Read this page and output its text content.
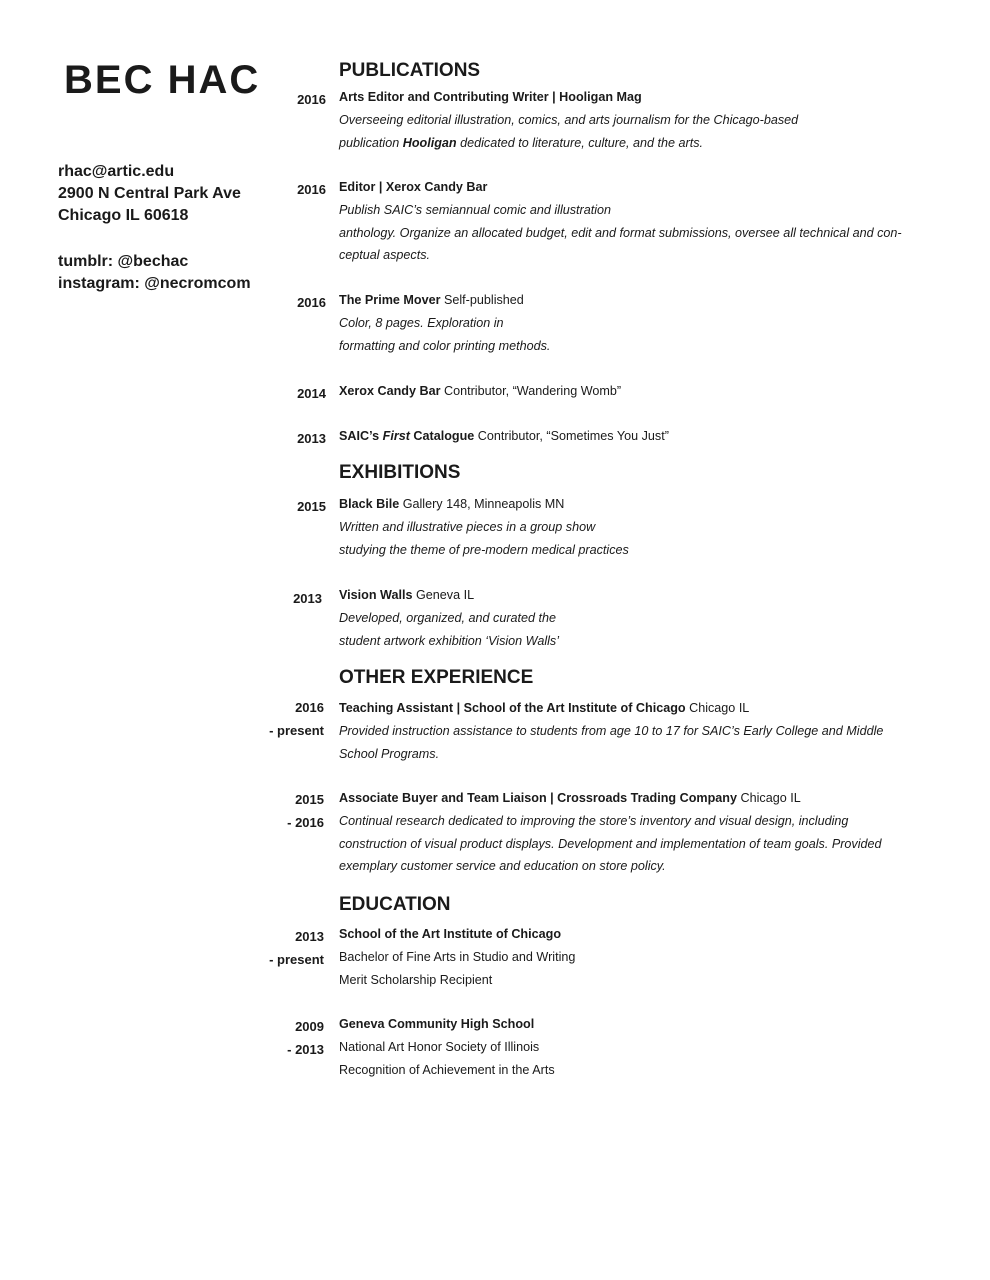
BEC HAC
rhac@artic.edu
2900 N Central Park Ave
Chicago IL 60618
tumblr: @bechac
instagram: @necromcom
PUBLICATIONS
2016 Arts Editor and Contributing Writer | Hooligan Mag
Overseeing editorial illustration, comics, and arts journalism for the Chicago-based
publication Hooligan dedicated to literature, culture, and the arts.
2016 Editor | Xerox Candy Bar
Publish SAIC’s semiannual comic and illustration
anthology. Organize an allocated budget, edit and format submissions, oversee all technical and con-
ceptual aspects.
2016 The Prime Mover Self-published
Color, 8 pages. Exploration in
formatting and color printing methods.
2014 Xerox Candy Bar Contributor, “Wandering Womb”
2013 SAIC’s First Catalogue Contributor, “Sometimes You Just”
EXHIBITIONS
2015 Black Bile Gallery 148, Minneapolis MN
Written and illustrative pieces in a group show
studying the theme of pre-modern medical practices
2013 Vision Walls Geneva IL
Developed, organized, and curated the
student artwork exhibition ‘Vision Walls’
OTHER EXPERIENCE
2016
- present
Teaching Assistant | School of the Art Institute of Chicago Chicago IL
Provided instruction assistance to students from age 10 to 17 for SAIC’s Early College and Middle
School Programs.
2015
- 2016
Associate Buyer and Team Liaison | Crossroads Trading Company Chicago IL
Continual research dedicated to improving the store’s inventory and visual design, including
construction of visual product displays. Development and implementation of team goals. Provided
exemplary customer service and education on store policy.
EDUCATION
2013
- present
School of the Art Institute of Chicago
Bachelor of Fine Arts in Studio and Writing
Merit Scholarship Recipient
2009
- 2013
Geneva Community High School
National Art Honor Society of Illinois
Recognition of Achievement in the Arts
